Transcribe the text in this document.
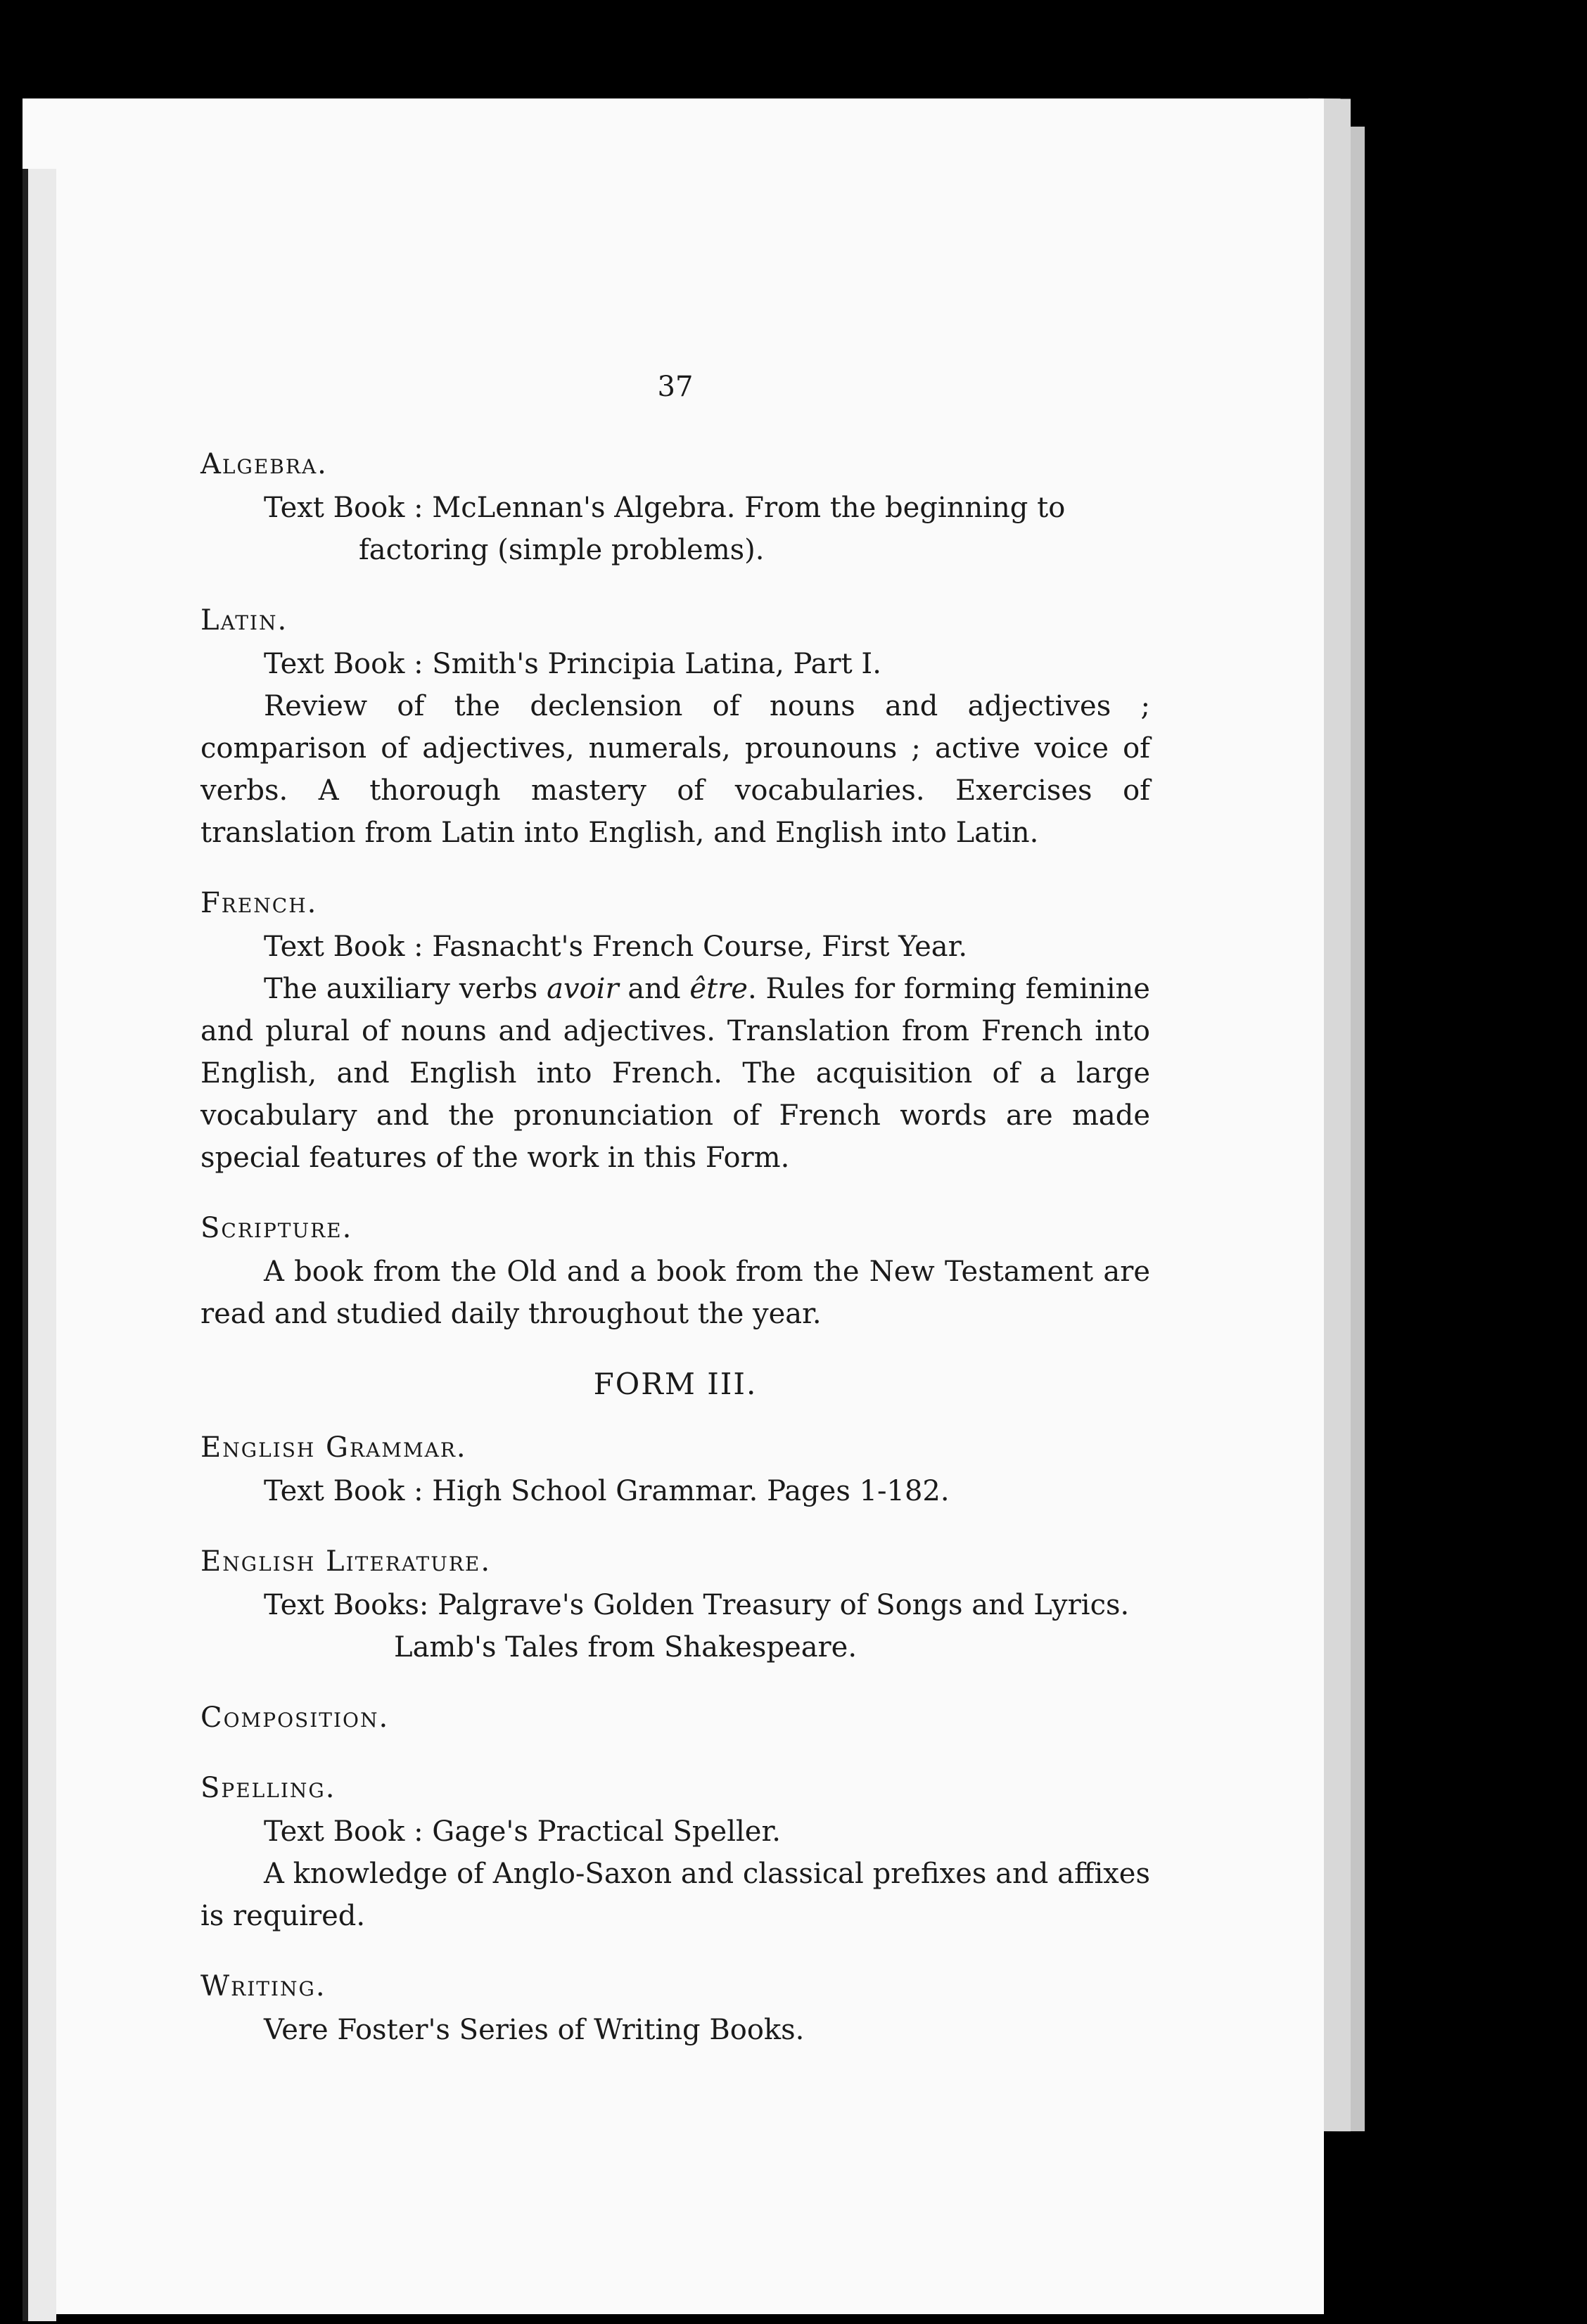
37
Algebra.
Text Book : McLennan's Algebra. From the beginning to
factoring (simple problems).
Latin.
Text Book : Smith's Principia Latina, Part I.
Review of the declension of nouns and adjectives ; comparison of adjectives, numerals, prounouns ; active voice of verbs. A thorough mastery of vocabularies. Exercises of translation from Latin into English, and English into Latin.
French.
Text Book : Fasnacht's French Course, First Year.
The auxiliary verbs avoir and être. Rules for forming feminine and plural of nouns and adjectives. Translation from French into English, and English into French. The acquisition of a large vocabulary and the pronunciation of French words are made special features of the work in this Form.
Scripture.
A book from the Old and a book from the New Testament are read and studied daily throughout the year.
FORM III.
English Grammar.
Text Book : High School Grammar. Pages 1-182.
English Literature.
Text Books: Palgrave's Golden Treasury of Songs and Lyrics.
Lamb's Tales from Shakespeare.
Composition.
Spelling.
Text Book : Gage's Practical Speller.
A knowledge of Anglo-Saxon and classical prefixes and affixes is required.
Writing.
Vere Foster's Series of Writing Books.
